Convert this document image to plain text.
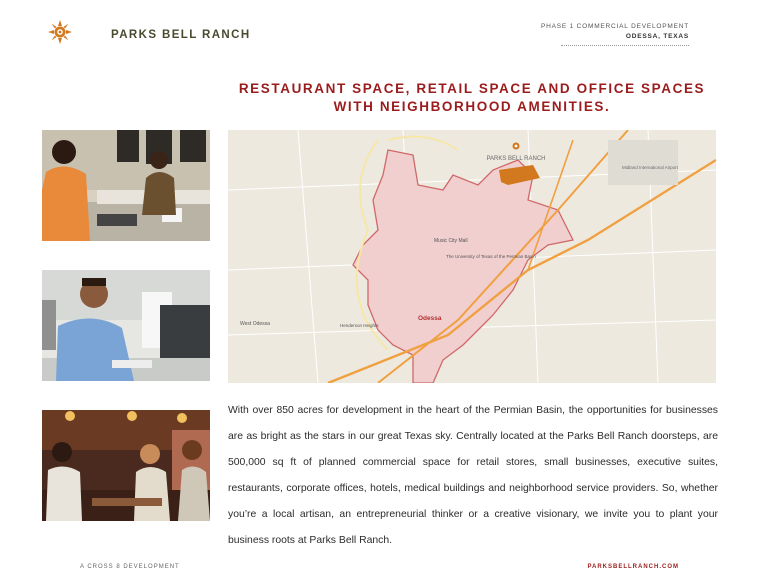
PARKS BELL RANCH
PHASE 1 COMMERCIAL DEVELOPMENT
ODESSA, TEXAS
RESTAURANT SPACE, RETAIL SPACE AND OFFICE SPACES
WITH NEIGHBORHOOD AMENITIES.
PARKS BELL RANCH
Midland International Airport
Music City Mall
The University of Texas of the Permian Basin
Odessa
West Odessa	Henderson Heights
With over 850 acres for development in the heart of the Permian Basin, the opportunities for businesses are as bright as the stars in our great Texas sky. Centrally located at the Parks Bell Ranch doorsteps, are 500,000 sq ft of planned commercial space for retail stores, small businesses, executive suites, restaurants, corporate offices, hotels, medical buildings and neighborhood service providers. So, whether you’re a local artisan, an entrepreneurial thinker or a creative visionary, we invite you to plant your business roots at Parks Bell Ranch.
A CROSS 8 DEVELOPMENT	PARKSBELLRANCH.COM
